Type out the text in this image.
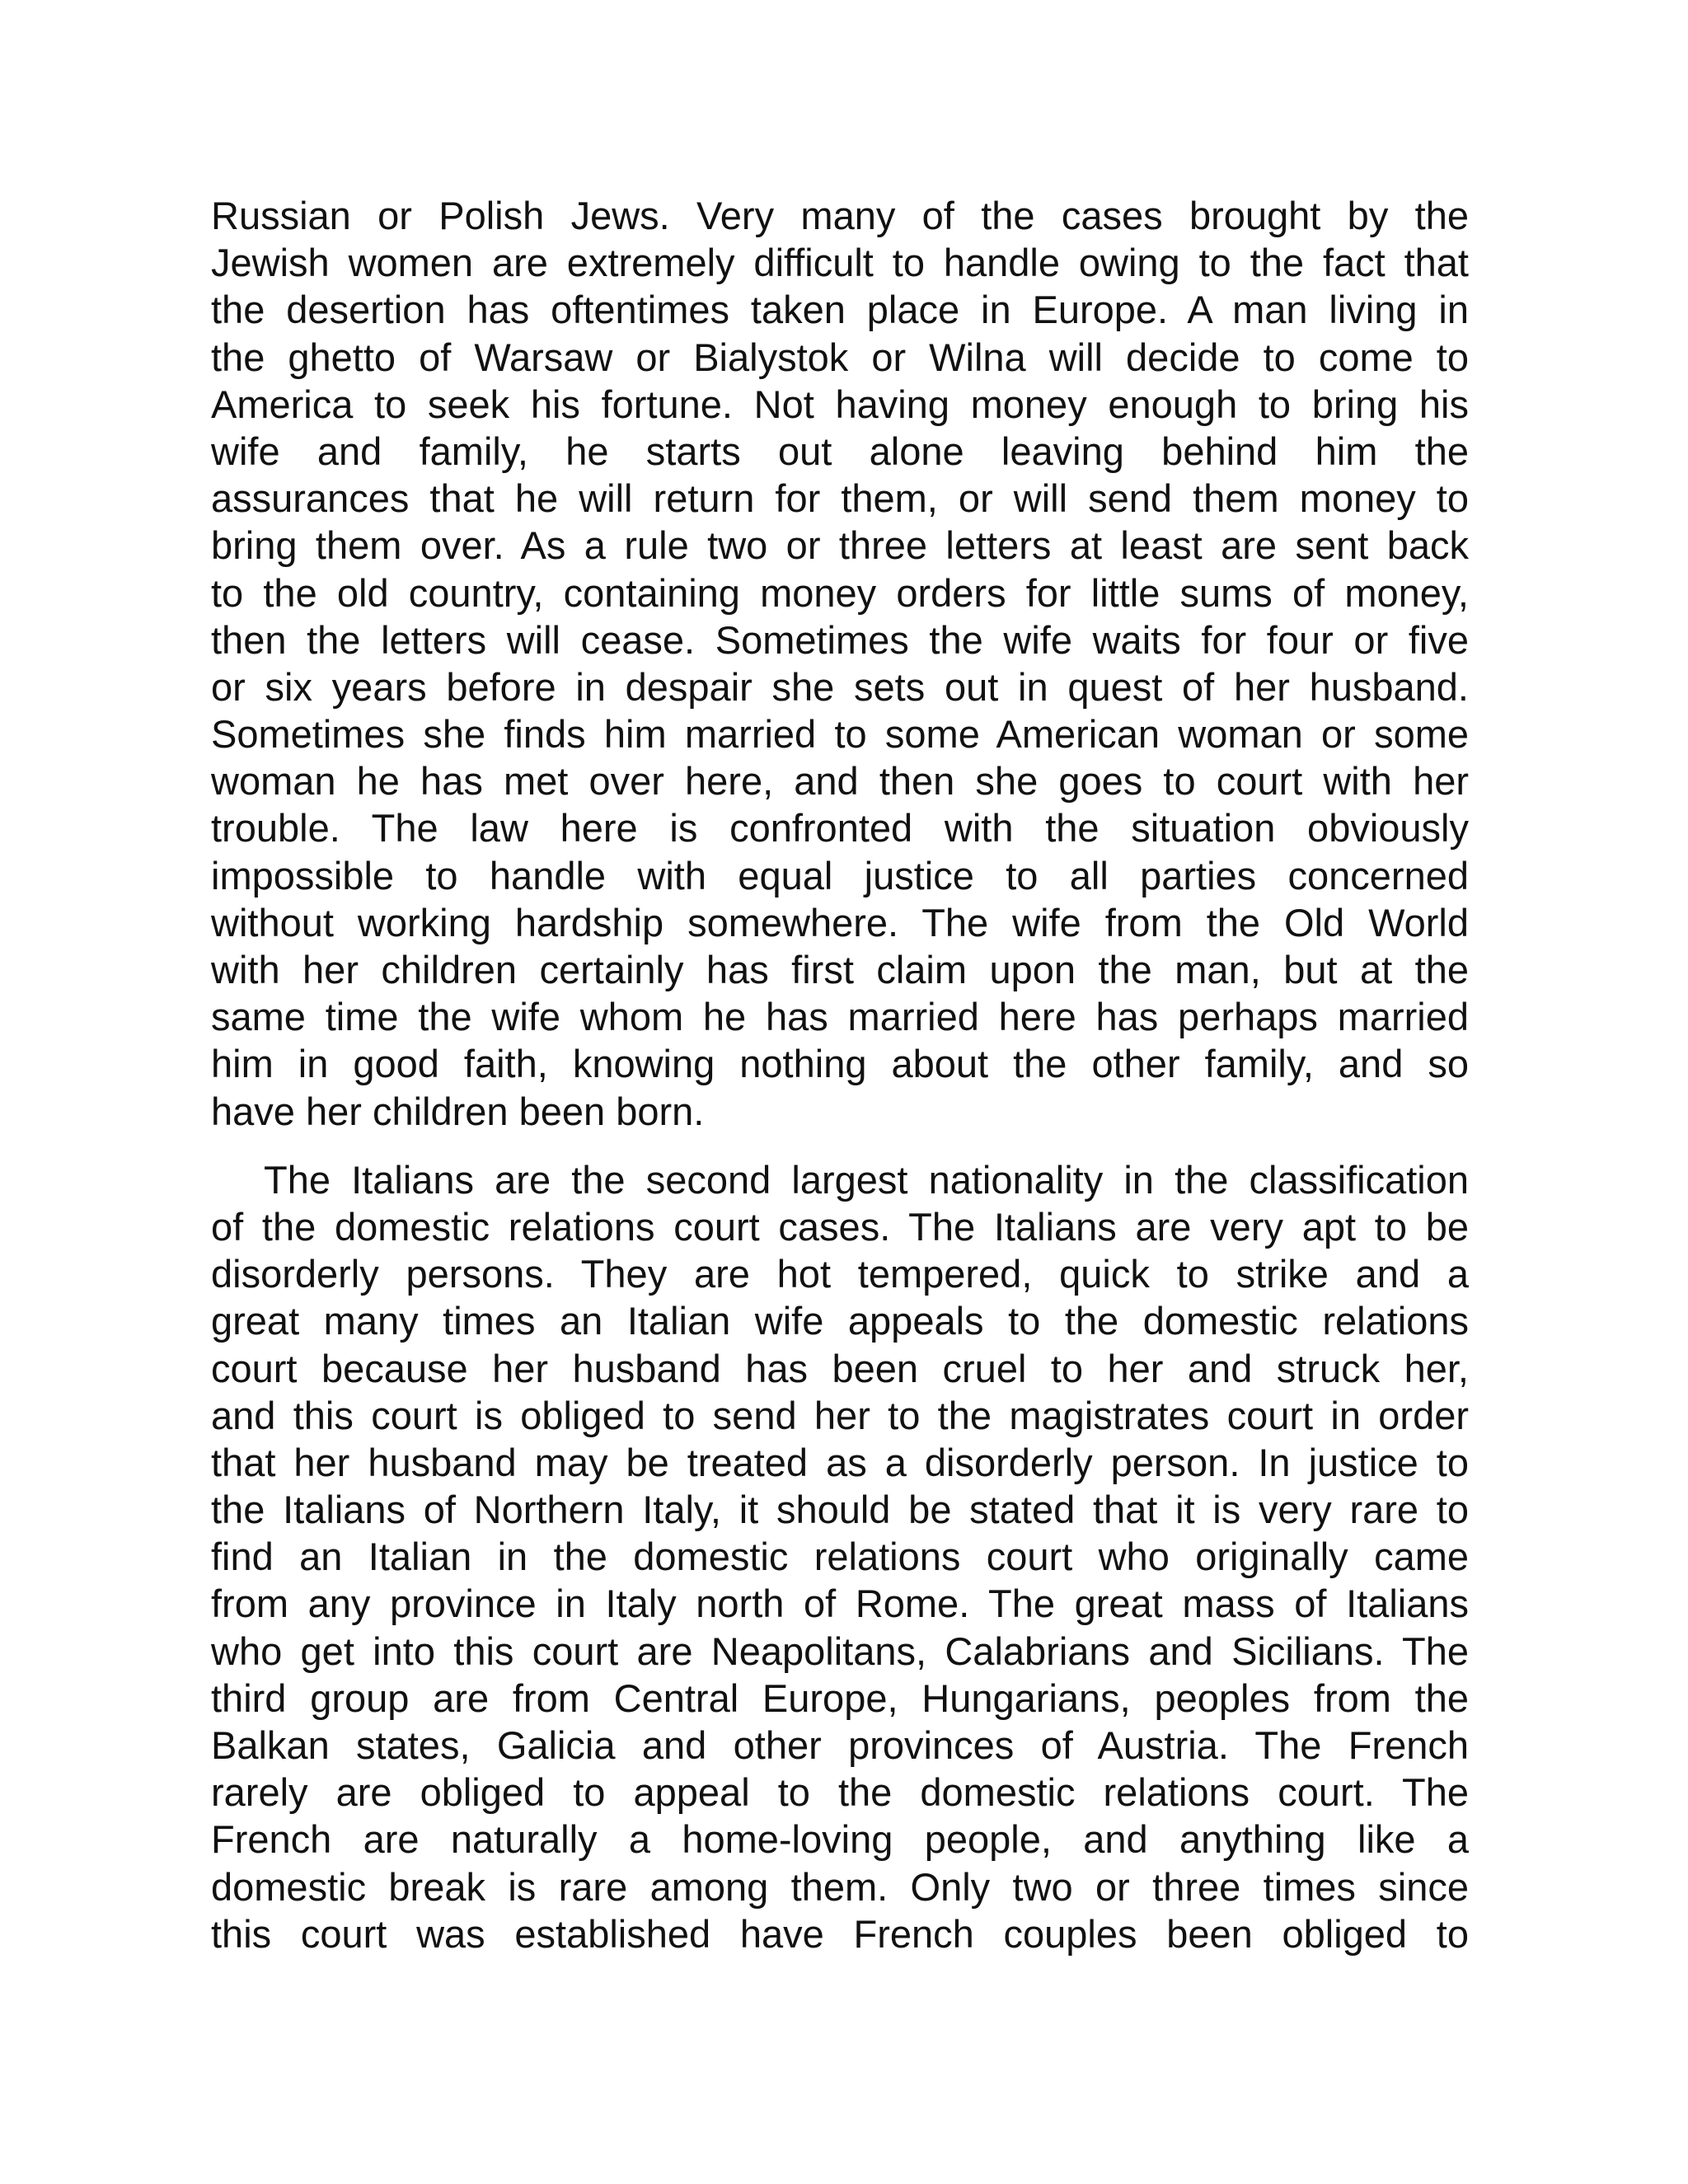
Russian or Polish Jews. Very many of the cases brought by the
Jewish women are extremely difficult to handle owing to the fact that
the desertion has oftentimes taken place in Europe. A man living in
the ghetto of Warsaw or Bialystok or Wilna will decide to come to
America to seek his fortune. Not having money enough to bring his
wife and family, he starts out alone leaving behind him the
assurances that he will return for them, or will send them money to
bring them over. As a rule two or three letters at least are sent back
to the old country, containing money orders for little sums of money,
then the letters will cease. Sometimes the wife waits for four or five
or six years before in despair she sets out in quest of her husband.
Sometimes she finds him married to some American woman or some
woman he has met over here, and then she goes to court with her
trouble. The law here is confronted with the situation obviously
impossible to handle with equal justice to all parties concerned
without working hardship somewhere. The wife from the Old World
with her children certainly has first claim upon the man, but at the
same time the wife whom he has married here has perhaps married
him in good faith, knowing nothing about the other family, and so
have her children been born.
The Italians are the second largest nationality in the classification
of the domestic relations court cases. The Italians are very apt to be
disorderly persons. They are hot tempered, quick to strike and a
great many times an Italian wife appeals to the domestic relations
court because her husband has been cruel to her and struck her,
and this court is obliged to send her to the magistrates court in order
that her husband may be treated as a disorderly person. In justice to
the Italians of Northern Italy, it should be stated that it is very rare to
find an Italian in the domestic relations court who originally came
from any province in Italy north of Rome. The great mass of Italians
who get into this court are Neapolitans, Calabrians and Sicilians. The
third group are from Central Europe, Hungarians, peoples from the
Balkan states, Galicia and other provinces of Austria. The French
rarely are obliged to appeal to the domestic relations court. The
French are naturally a home-loving people, and anything like a
domestic break is rare among them. Only two or three times since
this court was established have French couples been obliged to
